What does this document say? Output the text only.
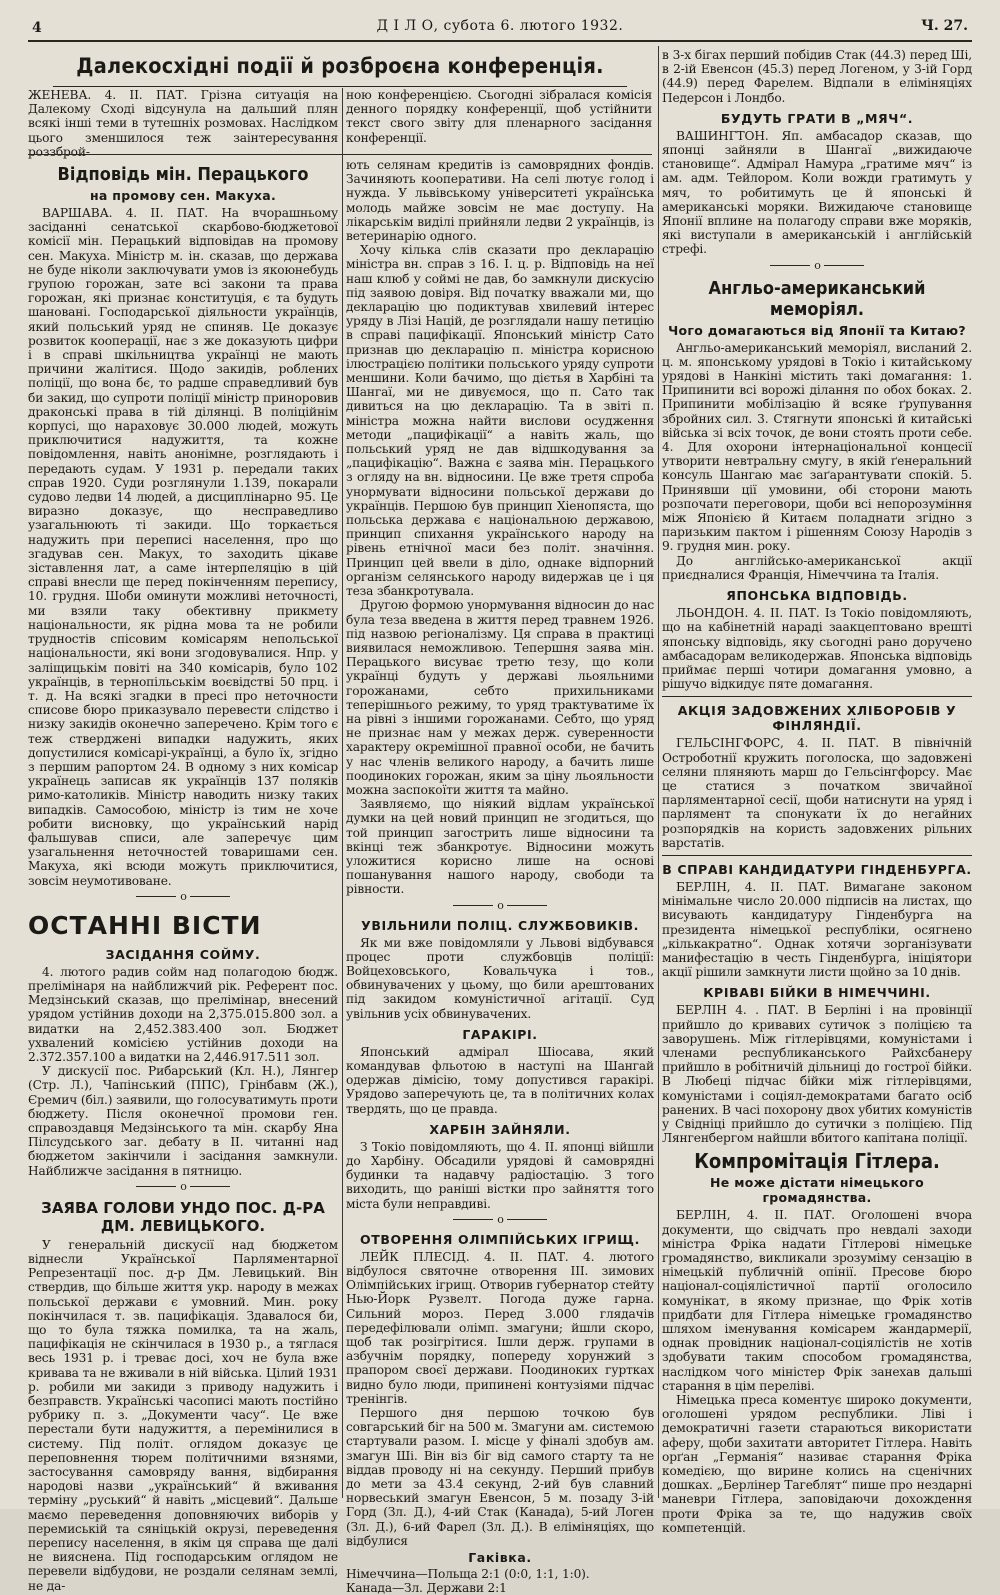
4	Д І Л О, субота 6. лютого 1932.	Ч. 27.
Далекосхідні події й розброєна конференція.

ЖЕНЕВА. 4. II. ПАТ. Грізна ситуація на Далекому Сході відсунула на дальший плян всякі інші теми в тутешніх розмовах. Наслідком цього зменшилося теж заінтересування роззброй-

ною конференцією. Сьогодні зібралася комісія денного порядку конференції, щоб устійнити текст свого звіту для пленарного засідання конференції.

Відповідь мін. Перацького
на промову сен. Макуха.

ВАРШАВА. 4. II. ПАТ. На вчорашньому засіданні сенатської скарбово-бюджетової комісії мін. Перацький відповідав на промову сен. Макуха. Міністр м. ін. сказав, що держава не буде ніколи заключувати умов із якоюнебудь групою горожан, зате всі закони та права горожан, які признає конституція, є та будуть шановані. Господарської діяльности українців, який польський уряд не спиняв. Це доказує розвиток кооперації, нає з же доказують цифри і в справі шкільництва українці не мають причини жалітися. Щодо закидів, роблених поліції, що вона бє, то радше справедливий був би закид, що супроти поліції міністр приноровив драконські права в тій ділянці. В поліційнім корпусі, що нараховує 30.000 людей, можуть приключитися надужиття, та кожне повідомлення, навіть анонімне, розглядають і передають судам. У 1931 р. передали таких справ 1920. Суди розглянули 1.139, покарали судово ледви 14 людей, а дисциплінарно 95. Це виразно доказує, що несправедливо узагальнюють ті закиди. Що торкається надужить при переписі населення, про що згадував сен. Макух, то заходить цікаве зіставлення лат, а саме інтерпеляцію в цій справі внесли ще перед покінченням перепису, 10. грудня. Шоби оминути можливі неточності, ми взяли таку обективну прикмету національности, як рідна мова та не робили трудностів спісовим комісарям непольської національности, які вони згодовувалися. Нпр. у заліщицькім повіті на 340 комісарів, було 102 українців, в тернопільськім воєвідстві 50 прц. і т. д. На всякі згадки в пресі про неточности списове бюро приказувало перевести слідство і низку закидів оконечно заперечено. Крім того є теж стверджені випадки надужить, яких допустилися комісарі-українці, а було їх, згідно з першим рапортом 24. В одному з них комісар українець записав як українців 137 поляків римо-католиків. Міністр наводить низку таких випадків. Самособою, міністр із тим не хоче робити висновку, що український нарід фальшував списи, але заперечує цим узагальнення неточностей товаришами сен. Макуха, які всюди можуть приключитися, зовсім неумотивоване.

o
ОСТАННІ ВІСТИ
ЗАСІДАННЯ СОЙМУ.

4. лютого радив сойм над полагодою бюдж. прелімінаря на найближчий рік. Референт пос. Медзінський сказав, що прелімінар, внесений урядом устійнив доходи на 2,375.015.800 зол. а видатки на 2,452.383.400 зол. Бюджет ухвалений комісією устійнив доходи на 2.372.357.100 а видатки на 2,446.917.511 зол.

У дискусії пос. Рибарський (Кл. Н.), Лянгер (Стр. Л.), Чапінський (ППС), Грінбавм (Ж.), Єремич (біл.) заявили, що голосуватимуть проти бюджету. Після оконечної промови ген. справоздавця Медзінського та мін. скарбу Яна Пілсудського заг. дебату в II. читанні над бюджетом закінчили і засідання замкнули. Найближче засідання в пятницю.

o
ЗАЯВА ГОЛОВИ УНДО ПОС. Д-РА
ДМ. ЛЕВИЦЬКОГО.

У генеральній дискусії над бюджетом віднесли Української Парляментарної Репрезентації пос. д-р Дм. Левицький. Він ствердив, що більше життя укр. народу в межах польської держави є умовний. Мин. року покінчилася т. зв. пацифікація. Здавалося би, що то була тяжка помилка, та на жаль, пацифікація не скінчилася в 1930 р., а тяглася весь 1931 р. і треває досі, хоч не була вже кривава та не вживали в ній війська. Цілий 1931 р. робили ми закиди з приводу надужить і безправств. Українські часописі мають постійно рубрику п. з. „Документи часу“. Це вже перестали бути надужиття, а перемінилися в систему. Під політ. оглядом доказує це переповнення тюрем політичними вязнями, застосування самовряду вання, відбирання народові назви „український“ й вживання терміну „руський“ й навіть „місцевий“. Дальше маємо переведення доповняючих виборів у перемиській та сяніцькій окрузі, переведення перепису населення, в якім ця справа ще далі не вияснена. Під господарським оглядом не перевели відбудови, не роздали селянам землі, не да-

ють селянам кредитів із самоврядних фондів. Зачиняють кооперативи. На селі лютує голод і нужда. У львівському університеті українська молодь майже зовсім не має доступу. На лікарськім виділі прийняли ледви 2 українців, із ветеринарію одного.

Хочу кілька слів сказати про декларацію міністра вн. справ з 16. І. ц. р. Відповідь на неї наш клюб у соймі не дав, бо замкнули дискусію під заявою довіря. Від початку вважали ми, що декларацію цю подиктував хвилевий інтерес уряду в Лізі Націй, де розглядали нашу петицію в справі пацифікації. Японський міністр Сато признав цю декларацію п. міністра корисною ілюстрацією політики польського уряду супроти меншини. Коли бачимо, що дієтья в Харбіні та Шангаї, ми не дивуємося, що п. Сато так дивиться на цю декларацію. Та в звіті п. міністра можна найти вислови осудження методи „пацифікації“ а навіть жаль, що польський уряд не дав відшкодування за „пацифікацію“. Важна є заява мін. Перацького з огляду на вн. відносини. Це вже третя спроба унормувати відносини польської держави до українців. Першою був принцип Хіенопяста, що польська держава є національною державою, принцип спихання українського народу на рівень етнічної маси без політ. значіння. Принцип цей ввели в діло, однаке відпорний організм селянського народу видержав це і ця теза збанкротувала.

Другою формою унормування відносин до нас була теза введена в життя перед травнем 1926. під назвою регіоналізму. Ця справа в практиці виявилася неможливою. Тепершня заява мін. Перацького висуває третю тезу, що коли українці будуть у державі льояльними горожанами, себто прихильниками теперішнього режиму, то уряд трактуватиме їх на рівні з іншими горожанами. Себто, що уряд не признає нам у межах держ. суверенности характеру окремішної правної особи, не бачить у нас членів великого народу, а бачить лише поодиноких горожан, яким за ціну льояльности можна заспокоїти життя та майно.

Заявляємо, що ніякий відлам української думки на цей новий принцип не згодиться, що той принцип загострить лише відносини та вкінці теж збанкротує. Відносини можуть уложитися корисно лише на основі пошанування нашого народу, свободи та рівности.

o
УВІЛЬНИЛИ ПОЛІЦ. СЛУЖБОВИКІВ.

Як ми вже повідомляли у Львові відбувався процес проти службовців поліції: Войцеховського, Ковальчука і тов., обвинувачених у цьому, що били арештованих під закидом комуністичної агітації. Суд увільнив усіх обвинувачених.

ГАРАКІРІ.

Японський адмірал Шіосава, який командував фльотою в наступі на Шангай одержав дімісію, тому допустився гаракірі. Урядово заперечують це, та в політичних колах твердять, що це правда.

ХАРБІН ЗАЙНЯЛИ.

З Токіо повідомляють, що 4. II. японці війшли до Харбіну. Обсадили урядові й самоврядні будинки та надавчу радіостацію. З того виходить, що раніші вістки про зайняття того міста були неправдиві.

o
ОТВОРЕННЯ ОЛІМПІЙСЬКИХ ІГРИЩ.

ЛЕЙК ПЛЕСІД. 4. II. ПАТ. 4. лютого відбулося святочне отворення III. зимових Олімпійських ігрищ. Отворив губернатор стейту Нью-Йорк Рузвелт. Погода дуже гарна. Сильний мороз. Перед 3.000 глядачів передефілювали олімп. змагуни; йшли скоро, щоб так розігрітися. Ішли держ. групами в азбучнім порядку, попереду хорунжий з прапором своєї держави. Поодиноких гуртках видно було люди, припинені контузіями підчас тренінгів.

Першого дня першою точкою був совгарський біг на 500 м. Змагуни ам. системою стартували разом. I. місце у фіналі здобув ам. змагун Ші. Він віз біг від самого старту та не віддав проводу ні на секунду. Перший прибув до мети за 43.4 секунд, 2-ий був славний норвеський змагун Евенсон, 5 м. позаду 3-ій Горд (Зл. Д.), 4-ий Стак (Канада), 5-ий Логен (Зл. Д.), 6-ий Фарел (Зл. Д.). В еліміняціях, що відбулися

Гаківка.

Німеччина—Польща 2:1 (0:0, 1:1, 1:0).

Канада—Зл. Держави 2:1

в 3-х бігах перший побідив Стак (44.3) перед Ші, в 2-ій Евенсон (45.3) перед Логеном, у 3-ій Горд (44.9) перед Фарелем. Відпали в еліміняціях Педерсон і Лондбо.

БУДУТЬ ГРАТИ В „МЯЧ“.

ВАШИНГТОН. Яп. амбасадор сказав, що японці зайняли в Шангаї „вижидаюче становище“. Адмірал Намура „гратиме мяч“ із ам. адм. Тейлором. Коли вожди гратимуть у мяч, то робитимуть це й японські й американські моряки. Вижидаюче становище Японії вплине на полагоду справи вже моряків, які виступали в американській і англійській стрефі.

o
Англьо-американський меморіял.
Чого домагаються від Японії та Китаю?

Англьо-американський меморіял, висланий 2. ц. м. японському урядові в Токіо і китайському урядові в Нанкіні містить такі домагання: 1. Припинити всі ворожі ділання по обох боках. 2. Припинити мобілізацію й всяке ґрупування збройних сил. 3. Стягнути японські й китайські війська зі всіх точок, де вони стоять проти себе. 4. Для охорони інтернаціональної концесії утворити невтральну смугу, в якій ґенеральний консуль Шангаю має заґарантувати спокій. 5. Принявши ції умовини, обі сторони мають розпочати переговори, щоби всі непорозуміння між Японією й Китаєм поладнати згідно з паризьким пактом і рішенням Союзу Народів з 9. грудня мин. року.

До англійсько-американської акції приєдналися Франція, Німеччина та Італія.

ЯПОНСЬКА ВІДПОВІДЬ.

ЛЬОНДОН. 4. II. ПАТ. Із Токіо повідомляють, що на кабінетній нараді заакцептовано врешті японську відповідь, яку сьогодні рано доручено амбасадорам великодержав. Японська відповідь приймає перші чотири домагання умовно, а рішучо відкидує пяте домагання.

АКЦІЯ ЗАДОВЖЕНИХ ХЛІБОРОБІВ У ФІНЛЯНДІЇ.

ГЕЛЬСІНГФОРС, 4. II. ПАТ. В північній Остроботнії кружить поголоска, що задовжені селяни пляняють марш до Гельсінгфорсу. Має це статися з початком звичайної парляментарної сесії, щоби натиснути на уряд і парлямент та спонукати їх до негайних розпорядків на користь задовжених рільних варстатів.

В СПРАВІ КАНДИДАТУРИ ГІНДЕНБУРГА.

БЕРЛІН, 4. II. ПАТ. Вимагане законом мінімальне число 20.000 підписів на листах, що висувають кандидатуру Гінденбурга на президента німецької республіки, осягнено „кількакратно“. Однак хотячи зорганізувати манифестацію в честь Гінденбурга, ініціятори акції рішили замкнути листи щойно за 10 днів.

КРІВАВІ БІЙКИ В НІМЕЧЧИНІ.

БЕРЛІН 4. . ПАТ. В Берліні і на провінції прийшло до кривавих сутичок з поліцією та заворушень. Між гітлерівцями, комуністами і членами республиканського Райхсбанеру прийшло в робітничій дільниці до гострої бійки. В Любеці підчас бійки між гітлерівцями, комуністами і соціял-демократами багато осіб ранених. В часі похорону двох убитих комуністів у Свідніці прийшло до сутички з поліцією. Під Лянгенбергом найшли вбитого капітана поліції.

Компромітація Гітлера.
Не може дістати німецького громадянства.

БЕРЛІН, 4. II. ПАТ. Оголошені вчора документи, що свідчать про невдалі заходи міністра Фріка надати Гітлерові німецьке громадянство, викликали зрозуміму сензацію в німецькій публичній опінії. Пресове бюро націонал-соціялістичної партії оголосило комунікат, в якому признае, що Фрік хотів придбати для Гітлера німецьке громадянство шляхом іменування комісарем жандармерії, однак провідник націонал-соціялістів не хотів здобувати таким способом громадянства, наслідком чого міністер Фрік занехав дальші старання в цім переліві.

Німецька преса коментує широко документи, оголошені урядом республики. Ліві і демократичні газети стараються використати аферу, щоби захитати авторитет Гітлера. Навіть орґан „Германія“ називає старання Фріка комедією, що вирине колись на сценічних дошках. „Берлінер Тагеблят“ пише про нездарні маневри Гітлера, заповідаючи дохождення проти Фріка за те, що надужив своїх компетенцій.
